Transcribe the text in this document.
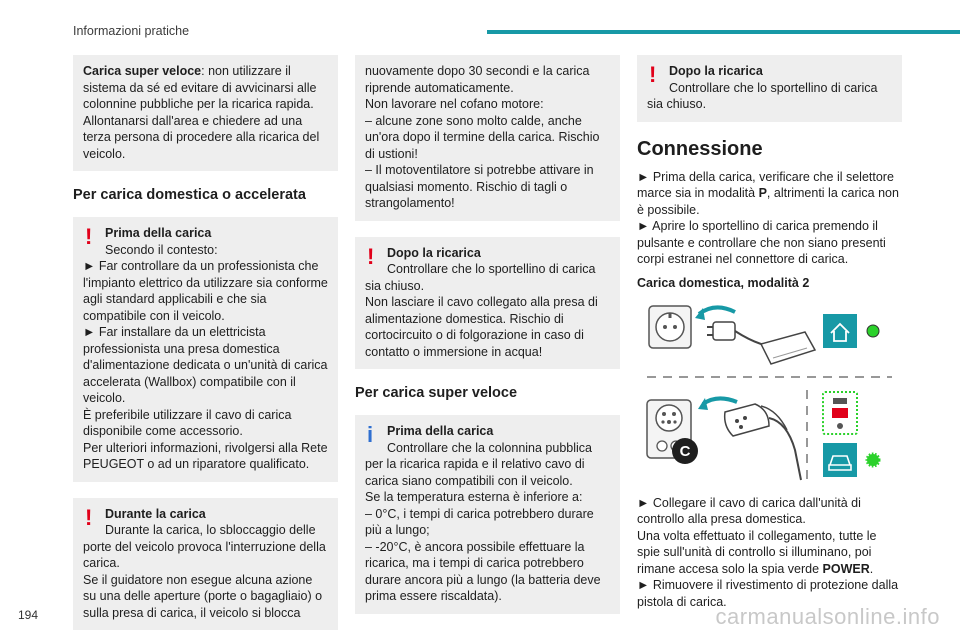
Informazioni pratiche

Carica super veloce: non utilizzare il sistema da sé ed evitare di avvicinarsi alle colonnine pubbliche per la ricarica rapida. Allontanarsi dall'area e chiedere ad una terza persona di procedere alla ricarica del veicolo.

Per carica domestica o accelerata
!	Prima della carica

Secondo il contesto:

► Far controllare da un professionista che l'impianto elettrico da utilizzare sia conforme agli standard applicabili e che sia compatibile con il veicolo.

► Far installare da un elettricista professionista una presa domestica d'alimentazione dedicata o un'unità di carica accelerata (Wallbox) compatibile con il veicolo.

È preferibile utilizzare il cavo di carica disponibile come accessorio.

Per ulteriori informazioni, rivolgersi alla Rete PEUGEOT o ad un riparatore qualificato.

!	Durante la carica

Durante la carica, lo sbloccaggio delle porte del veicolo provoca l'interruzione della carica.

Se il guidatore non esegue alcuna azione su una delle aperture (porte o bagagliaio) o sulla presa di carica, il veicolo si blocca

nuovamente dopo 30 secondi e la carica riprende automaticamente.

Non lavorare nel cofano motore:

– alcune zone sono molto calde, anche un'ora dopo il termine della carica. Rischio di ustioni!

– Il motoventilatore si potrebbe attivare in qualsiasi momento. Rischio di tagli o strangolamento!

!	Dopo la ricarica

Controllare che lo sportellino di carica sia chiuso.

Non lasciare il cavo collegato alla presa di alimentazione domestica. Rischio di cortocircuito o di folgorazione in caso di contatto o immersione in acqua!

Per carica super veloce
i	Prima della carica

Controllare che la colonnina pubblica per la ricarica rapida e il relativo cavo di carica siano compatibili con il veicolo.

Se la temperatura esterna è inferiore a:

– 0°C, i tempi di carica potrebbero durare più a lungo;

– -20°C, è ancora possibile effettuare la ricarica, ma i tempi di carica potrebbero durare ancora più a lungo (la batteria deve prima essere riscaldata).

!	Dopo la ricarica

Controllare che lo sportellino di carica sia chiuso.

Connessione

► Prima della carica, verificare che il selettore marce sia in modalità P, altrimenti la carica non è possibile.

► Aprire lo sportellino di carica premendo il pulsante e controllare che non siano presenti corpi estranei nel connettore di carica.

Carica domestica, modalità 2
C

► Collegare il cavo di carica dall'unità di controllo alla presa domestica.

Una volta effettuato il collegamento, tutte le spie sull'unità di controllo si illuminano, poi rimane accesa solo la spia verde POWER.

► Rimuovere il rivestimento di protezione dalla pistola di carica.

194	carmanualsonline.info
